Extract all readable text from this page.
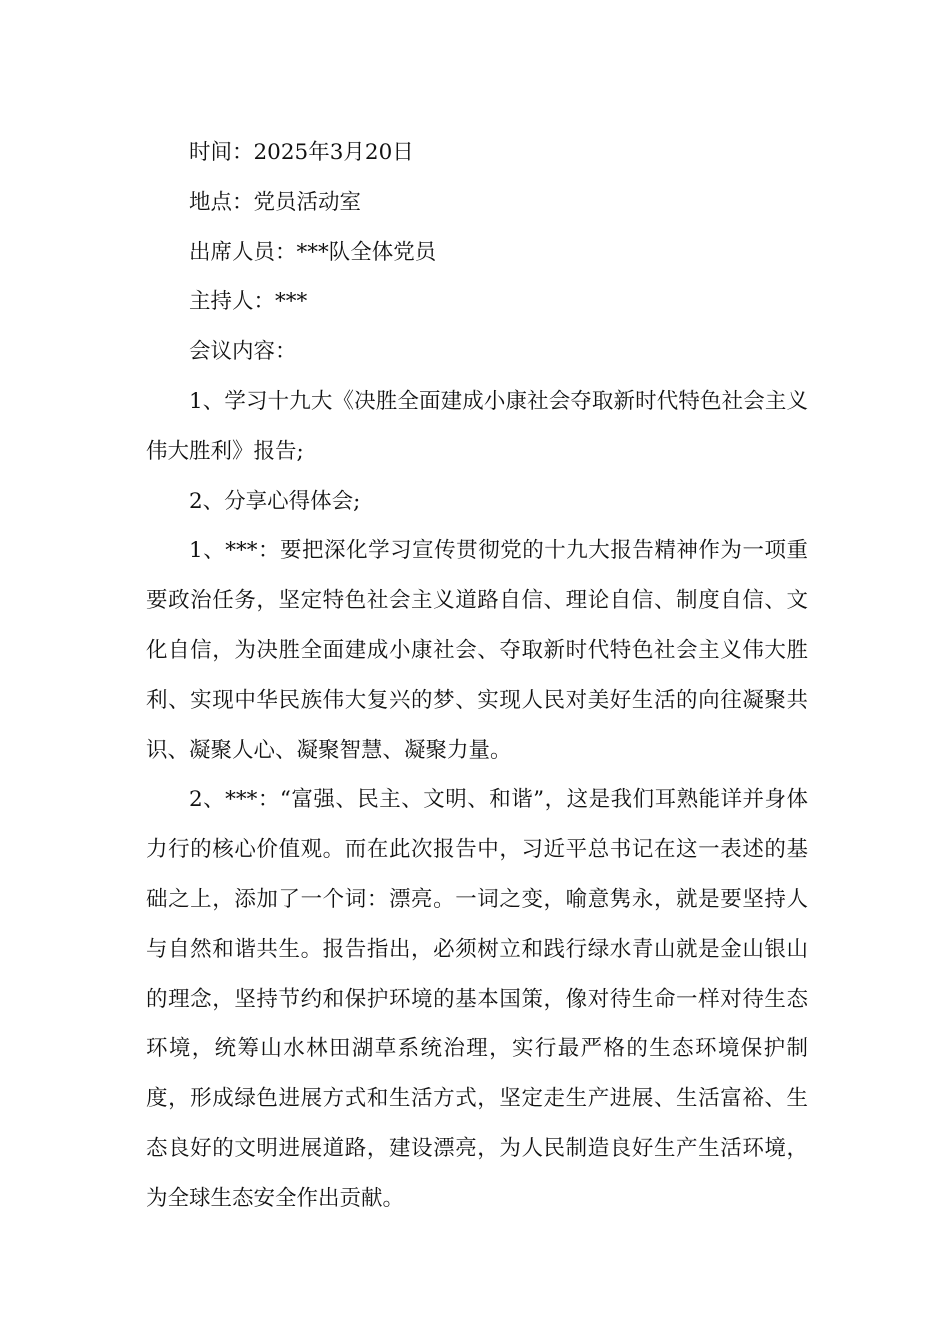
时间：2025年3月20日

地点：党员活动室

出席人员：***队全体党员

主持人：***

会议内容：

1、学习十九大《决胜全面建成小康社会夺取新时代特色社会主义伟大胜利》报告;

2、分享心得体会;

1、***：要把深化学习宣传贯彻党的十九大报告精神作为一项重要政治任务，坚定特色社会主义道路自信、理论自信、制度自信、文化自信，为决胜全面建成小康社会、夺取新时代特色社会主义伟大胜利、实现中华民族伟大复兴的梦、实现人民对美好生活的向往凝聚共识、凝聚人心、凝聚智慧、凝聚力量。

2、***：“富强、民主、文明、和谐”，这是我们耳熟能详并身体力行的核心价值观。而在此次报告中，习近平总书记在这一表述的基础之上，添加了一个词：漂亮。一词之变，喻意隽永，就是要坚持人与自然和谐共生。报告指出，必须树立和践行绿水青山就是金山银山的理念，坚持节约和保护环境的基本国策，像对待生命一样对待生态环境，统筹山水林田湖草系统治理，实行最严格的生态环境保护制度，形成绿色进展方式和生活方式，坚定走生产进展、生活富裕、生态良好的文明进展道路，建设漂亮，为人民制造良好生产生活环境，为全球生态安全作出贡献。
